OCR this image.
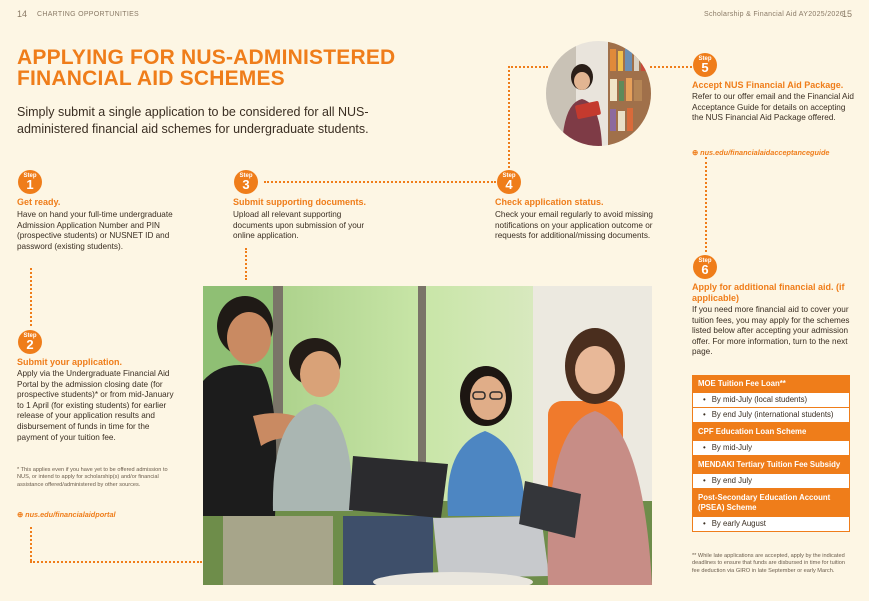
14 CHARTING OPPORTUNITIES	Scholarship & Financial Aid AY2025/2026
15
APPLYING FOR NUS-ADMINISTERED
FINANCIAL AID SCHEMES
Simply submit a single application to be considered for all NUS-administered financial aid schemes for undergraduate students.
Step
1
Get ready.
Have on hand your full-time undergraduate Admission Application Number and PIN (prospective students) or NUSNET ID and password (existing students).
Step
2
Submit your application.
Apply via the Undergraduate Financial Aid Portal by the admission closing date (for prospective students)* or from mid-January to 1 April (for existing students) for earlier release of your application results and disbursement of funds in time for the payment of your tuition fee.
* This applies even if you have yet to be offered admission to NUS, or intend to apply for scholarship(s) and/or financial assistance offered/administered by other sources.
⊕ nus.edu/financialaidportal
Step
3
Submit supporting documents.
Upload all relevant supporting documents upon submission of your online application.
Step
4
Check application status.
Check your email regularly to avoid missing notifications on your application outcome or requests for additional/missing documents.
Step
5
Accept NUS Financial Aid Package.
Refer to our offer email and the Financial Aid Acceptance Guide for details on accepting the NUS Financial Aid Package offered.
⊕ nus.edu/financialaidacceptanceguide
Step
6
Apply for additional financial aid. (if applicable)
If you need more financial aid to cover your tuition fees, you may apply for the schemes listed below after accepting your admission offer. For more information, turn to the next page.
MOE Tuition Fee Loan**
• By mid-July (local students)
• By end July (international students)
CPF Education Loan Scheme
• By mid-July
MENDAKI Tertiary Tuition Fee Subsidy
• By end July
Post-Secondary Education Account (PSEA) Scheme
• By early August
** While late applications are accepted, apply by the indicated deadlines to ensure that funds are disbursed in time for tuition fee deduction via GIRO in late September or early March.
